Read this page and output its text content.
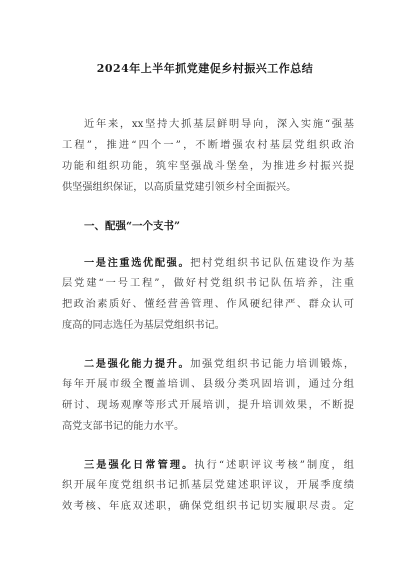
2024年上半年抓党建促乡村振兴工作总结
近年来，xx坚持大抓基层鲜明导向，深入实施“强基
工程”，推进“四个一”，不断增强农村基层党组织政治
功能和组织功能，筑牢坚强战斗堡垒，为推进乡村振兴提
供坚强组织保证，以高质量党建引领乡村全面振兴。
一、配强“一个支书”
一是注重选优配强。把村党组织书记队伍建设作为基
层党建“一号工程”，做好村党组织书记队伍培养，注重
把政治素质好、懂经营善管理、作风硬纪律严、群众认可
度高的同志选任为基层党组织书记。
二是强化能力提升。加强党组织书记能力培训锻炼，
每年开展市级全覆盖培训、县级分类巩固培训，通过分组
研讨、现场观摩等形式开展培训，提升培训效果，不断提
高党支部书记的能力水平。
三是强化日常管理。执行“述职评议考核”制度，组
织开展年度党组织书记抓基层党建述职评议，开展季度绩
效考核、年底双述职，确保党组织书记切实履职尽责。定
